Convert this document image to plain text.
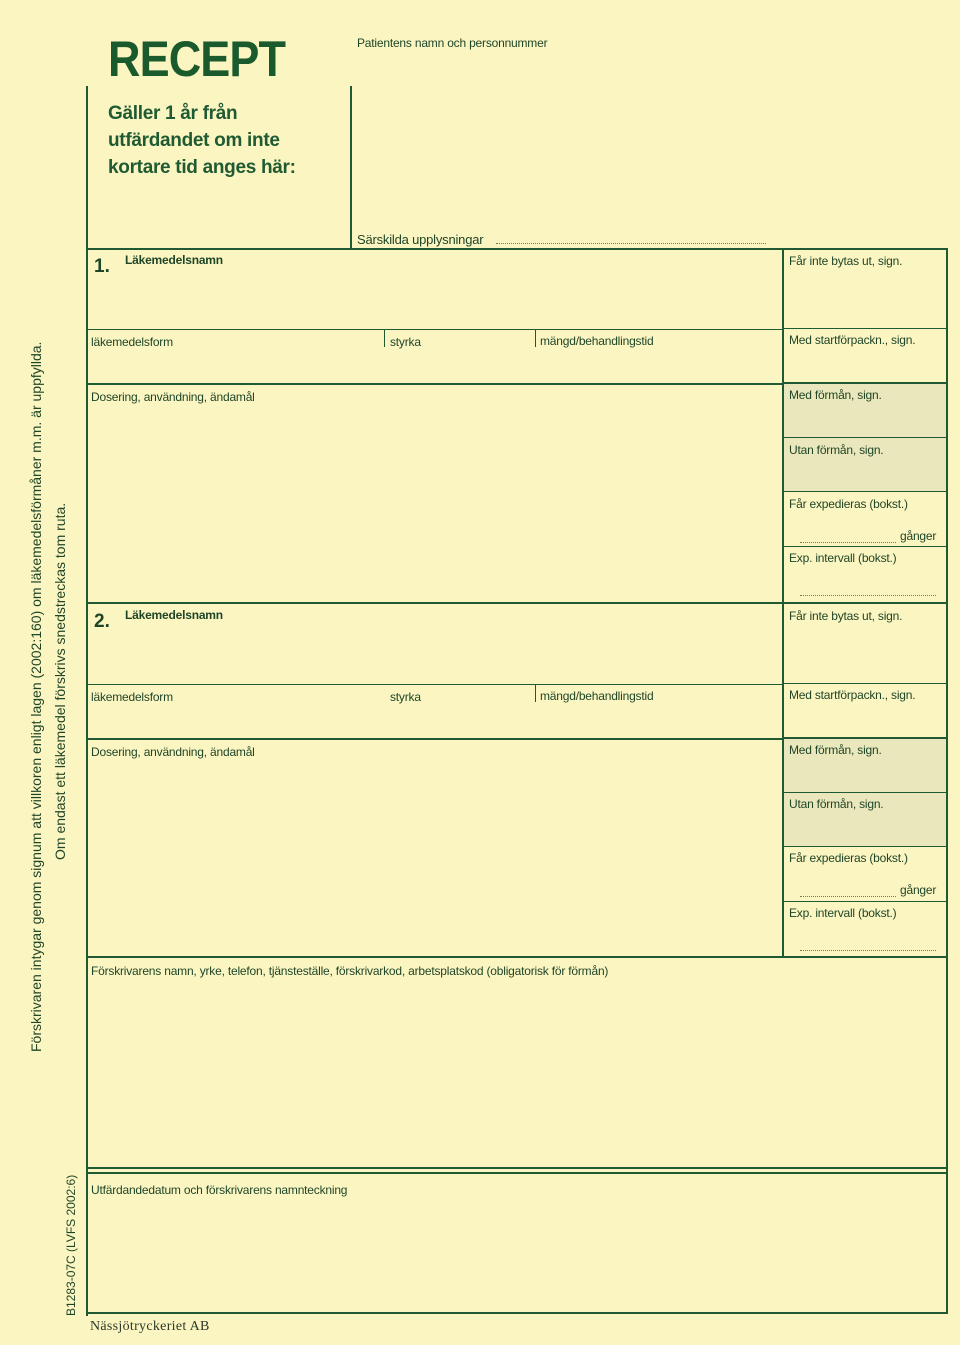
RECEPT
Gäller 1 år från
utfärdandet om inte
kortare tid anges här:
Patientens namn och personnummer
Särskilda upplysningar
Förskrivaren intygar genom signum att villkoren enligt lagen (2002:160) om läkemedelsförmåner m.m. är uppfyllda. Om endast ett läkemedel förskrivs snedstreckas tom ruta.
B1283-07C (LVFS 2002:6)
1. Läkemedelsnamn
läkemedelsform	styrka	mängd/behandlingstid
Dosering, användning, ändamål
Får inte bytas ut, sign.
Med startförpackn., sign.
Med förmån, sign.
Utan förmån, sign.
Får expedieras (bokst.)
gånger
Exp. intervall (bokst.)
2. Läkemedelsnamn
läkemedelsform	styrka	mängd/behandlingstid
Dosering, användning, ändamål
Får inte bytas ut, sign.
Med startförpackn., sign.
Med förmån, sign.
Utan förmån, sign.
Får expedieras (bokst.)
gånger
Exp. intervall (bokst.)
Förskrivarens namn, yrke, telefon, tjänsteställe, förskrivarkod, arbetsplatskod (obligatorisk för förmån)
Utfärdandedatum och förskrivarens namnteckning
Nässjötryckeriet AB
